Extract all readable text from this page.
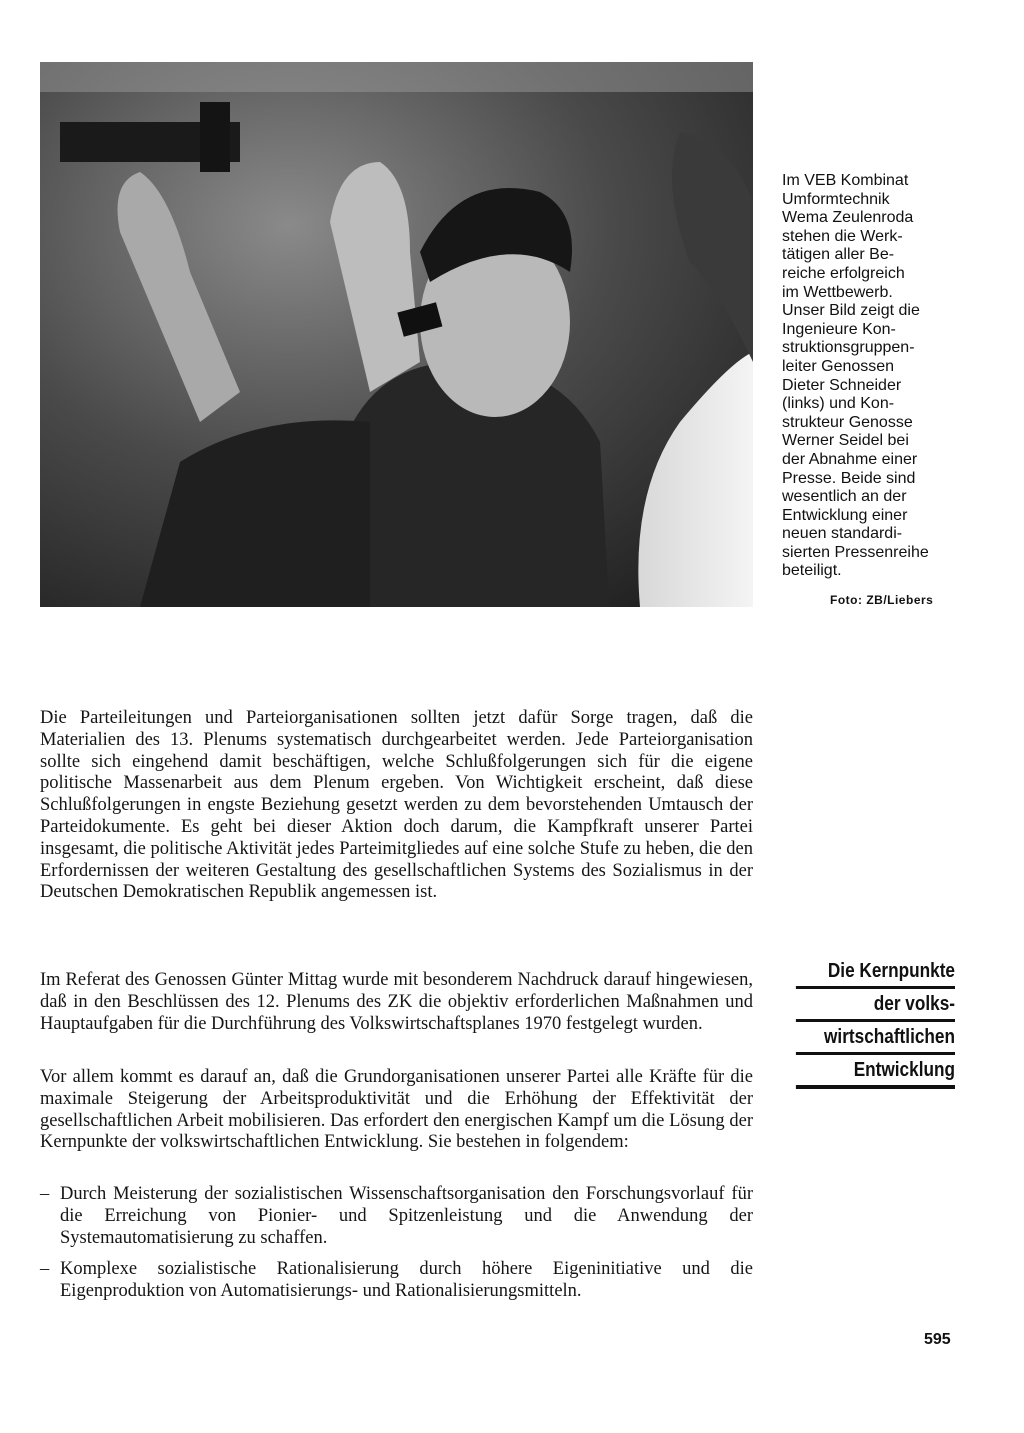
Im VEB Kombinat
Umformtechnik
Wema Zeulenroda
stehen die Werk-
tätigen aller Be-
reiche erfolgreich
im Wettbewerb.
Unser Bild zeigt die
Ingenieure Kon-
struktionsgruppen-
leiter Genossen
Dieter Schneider
(links) und Kon-
strukteur Genosse
Werner Seidel bei
der Abnahme einer
Presse. Beide sind
wesentlich an der
Entwicklung einer
neuen standardi-
sierten Pressenreihe
beteiligt.
Foto: ZB/Liebers

Die Parteileitungen und Parteiorganisationen sollten jetzt dafür Sorge tragen, daß die Materialien des 13. Plenums systematisch durchgearbeitet werden. Jede Parteiorganisation sollte sich eingehend damit beschäftigen, welche Schlußfolgerungen sich für die eigene politische Massenarbeit aus dem Plenum ergeben. Von Wichtigkeit erscheint, daß diese Schlußfolgerungen in engste Beziehung gesetzt werden zu dem bevorstehenden Umtausch der Parteidokumente. Es geht bei dieser Aktion doch darum, die Kampfkraft unserer Partei insgesamt, die politische Aktivität jedes Parteimitgliedes auf eine solche Stufe zu heben, die den Erfordernissen der weiteren Gestaltung des gesellschaftlichen Systems des Sozialismus in der Deutschen Demokratischen Republik angemessen ist.

Im Referat des Genossen Günter Mittag wurde mit besonderem Nachdruck darauf hingewiesen, daß in den Beschlüssen des 12. Plenums des ZK die objektiv erforderlichen Maßnahmen und Hauptaufgaben für die Durchführung des Volkswirtschaftsplanes 1970 festgelegt wurden.

Vor allem kommt es darauf an, daß die Grundorganisationen unserer Partei alle Kräfte für die maximale Steigerung der Arbeitsproduktivität und die Erhöhung der Effektivität der gesellschaftlichen Arbeit mobilisieren. Das erfordert den energischen Kampf um die Lösung der Kernpunkte der volkswirtschaftlichen Entwicklung. Sie bestehen in folgendem:

– Durch Meisterung der sozialistischen Wissenschaftsorganisation den Forschungsvorlauf für die Erreichung von Pionier- und Spitzenleistung und die Anwendung der Systemautomatisierung zu schaffen.
– Komplexe sozialistische Rationalisierung durch höhere Eigeninitiative und die Eigenproduktion von Automatisierungs- und Rationalisierungsmitteln.
Die Kernpunkte
der volks-
wirtschaftlichen
Entwicklung
595
